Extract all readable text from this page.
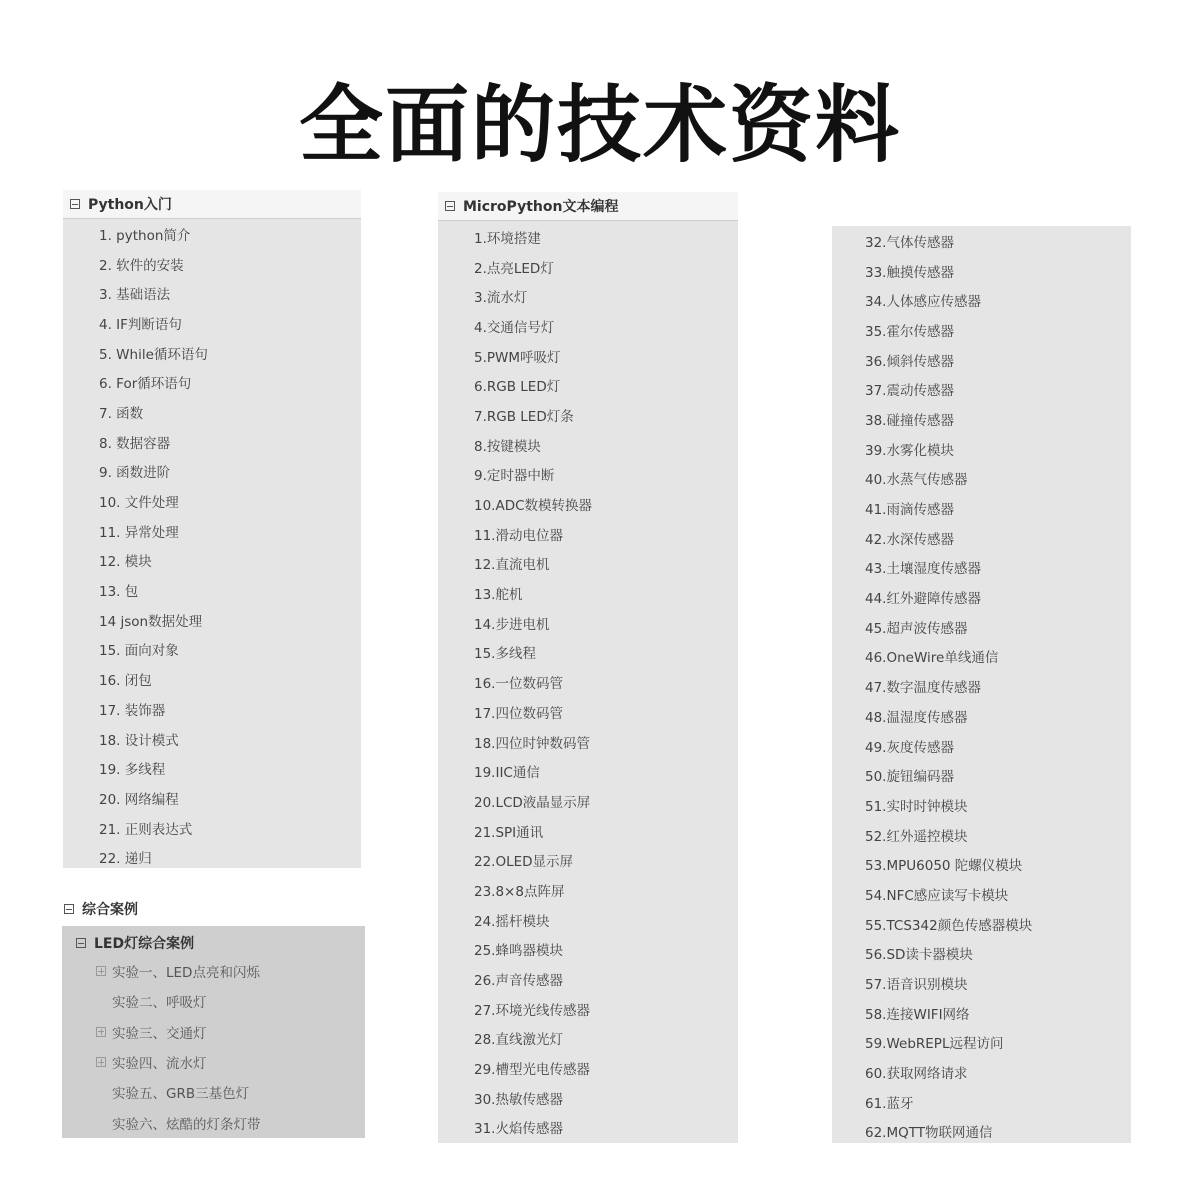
全面的技术资料
Python入门
1. python简介
2. 软件的安装
3. 基础语法
4. IF判断语句
5. While循环语句
6. For循环语句
7. 函数
8. 数据容器
9. 函数进阶
10. 文件处理
11. 异常处理
12. 模块
13. 包
14 json数据处理
15. 面向对象
16. 闭包
17. 装饰器
18. 设计模式
19. 多线程
20. 网络编程
21. 正则表达式
22. 递归
综合案例
LED灯综合案例
实验一、LED点亮和闪烁
实验二、呼吸灯
实验三、交通灯
实验四、流水灯
实验五、GRB三基色灯
实验六、炫酷的灯条灯带
MicroPython文本编程
1.环境搭建
2.点亮LED灯
3.流水灯
4.交通信号灯
5.PWM呼吸灯
6.RGB LED灯
7.RGB LED灯条
8.按键模块
9.定时器中断
10.ADC数模转换器
11.滑动电位器
12.直流电机
13.舵机
14.步进电机
15.多线程
16.一位数码管
17.四位数码管
18.四位时钟数码管
19.IIC通信
20.LCD液晶显示屏
21.SPI通讯
22.OLED显示屏
23.8×8点阵屏
24.摇杆模块
25.蜂鸣器模块
26.声音传感器
27.环境光线传感器
28.直线激光灯
29.槽型光电传感器
30.热敏传感器
31.火焰传感器
32.气体传感器
33.触摸传感器
34.人体感应传感器
35.霍尔传感器
36.倾斜传感器
37.震动传感器
38.碰撞传感器
39.水雾化模块
40.水蒸气传感器
41.雨滴传感器
42.水深传感器
43.土壤湿度传感器
44.红外避障传感器
45.超声波传感器
46.OneWire单线通信
47.数字温度传感器
48.温湿度传感器
49.灰度传感器
50.旋钮编码器
51.实时时钟模块
52.红外遥控模块
53.MPU6050 陀螺仪模块
54.NFC感应读写卡模块
55.TCS342颜色传感器模块
56.SD读卡器模块
57.语音识别模块
58.连接WIFI网络
59.WebREPL远程访问
60.获取网络请求
61.蓝牙
62.MQTT物联网通信
